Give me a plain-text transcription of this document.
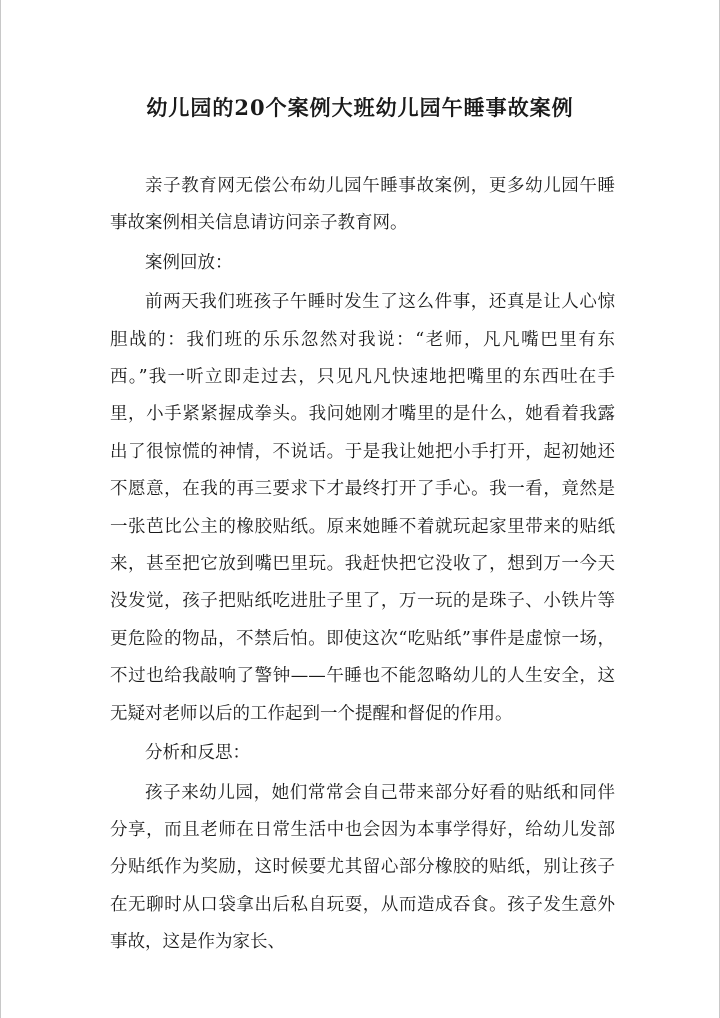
幼儿园的20个案例大班幼儿园午睡事故案例

亲子教育网无偿公布幼儿园午睡事故案例，更多幼儿园午睡事故案例相关信息请访问亲子教育网。

案例回放：

前两天我们班孩子午睡时发生了这么件事，还真是让人心惊胆战的：我们班的乐乐忽然对我说：“老师，凡凡嘴巴里有东西。”我一听立即走过去，只见凡凡快速地把嘴里的东西吐在手里，小手紧紧握成拳头。我问她刚才嘴里的是什么，她看着我露出了很惊慌的神情，不说话。于是我让她把小手打开，起初她还不愿意，在我的再三要求下才最终打开了手心。我一看，竟然是一张芭比公主的橡胶贴纸。原来她睡不着就玩起家里带来的贴纸来，甚至把它放到嘴巴里玩。我赶快把它没收了，想到万一今天没发觉，孩子把贴纸吃进肚子里了，万一玩的是珠子、小铁片等更危险的物品，不禁后怕。即使这次“吃贴纸”事件是虚惊一场，不过也给我敲响了警钟——午睡也不能忽略幼儿的人生安全，这无疑对老师以后的工作起到一个提醒和督促的作用。

分析和反思：

孩子来幼儿园，她们常常会自己带来部分好看的贴纸和同伴分享，而且老师在日常生活中也会因为本事学得好，给幼儿发部分贴纸作为奖励，这时候要尤其留心部分橡胶的贴纸，别让孩子在无聊时从口袋拿出后私自玩耍，从而造成吞食。孩子发生意外事故，这是作为家长、
